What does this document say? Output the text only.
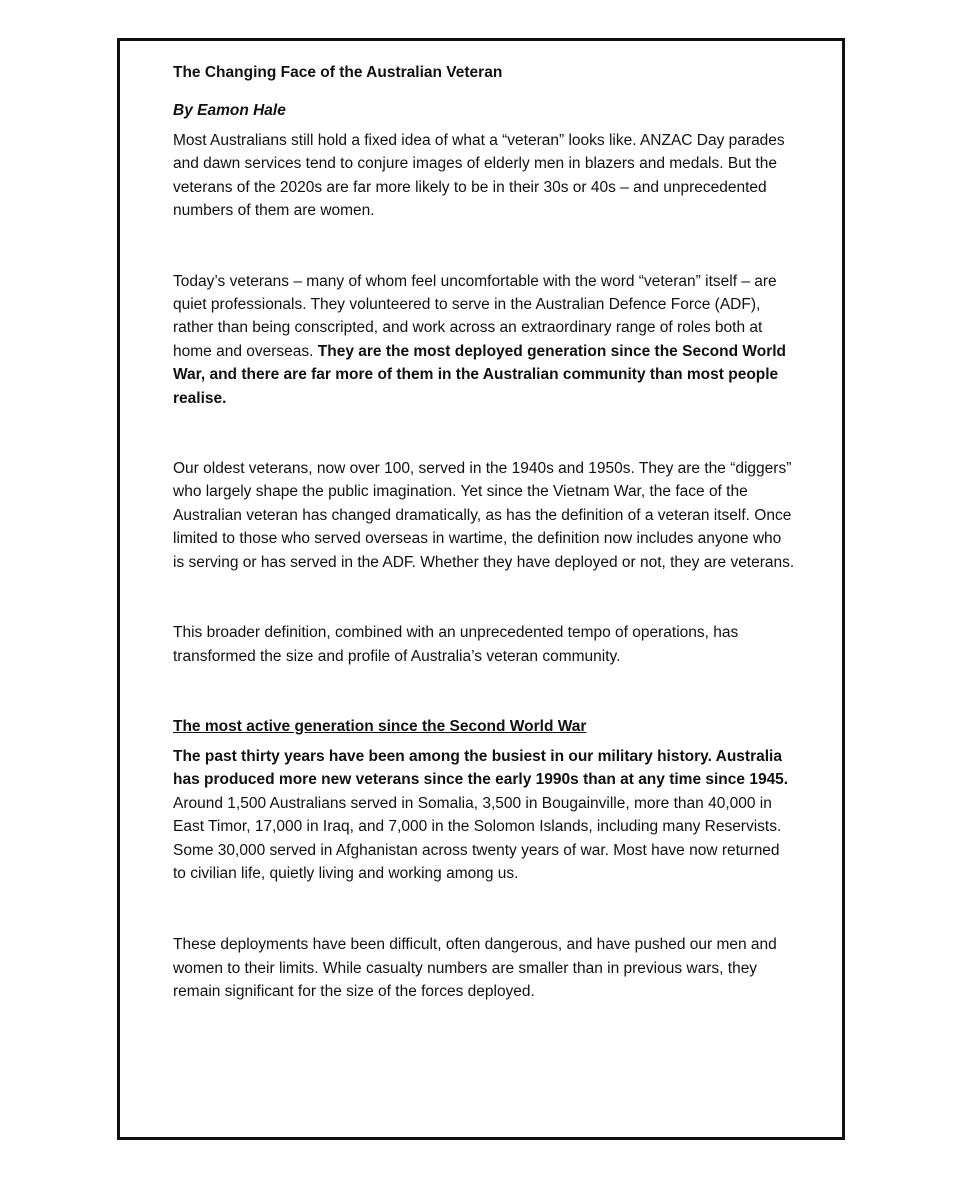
The Changing Face of the Australian Veteran
By Eamon Hale

Most Australians still hold a fixed idea of what a “veteran” looks like. ANZAC Day parades and dawn services tend to conjure images of elderly men in blazers and medals. But the veterans of the 2020s are far more likely to be in their 30s or 40s – and unprecedented numbers of them are women.

Today’s veterans – many of whom feel uncomfortable with the word “veteran” itself – are quiet professionals. They volunteered to serve in the Australian Defence Force (ADF), rather than being conscripted, and work across an extraordinary range of roles both at home and overseas. They are the most deployed generation since the Second World War, and there are far more of them in the Australian community than most people realise.

Our oldest veterans, now over 100, served in the 1940s and 1950s. They are the “diggers” who largely shape the public imagination. Yet since the Vietnam War, the face of the Australian veteran has changed dramatically, as has the definition of a veteran itself. Once limited to those who served overseas in wartime, the definition now includes anyone who is serving or has served in the ADF. Whether they have deployed or not, they are veterans.

This broader definition, combined with an unprecedented tempo of operations, has transformed the size and profile of Australia’s veteran community.

The most active generation since the Second World War

The past thirty years have been among the busiest in our military history. Australia has produced more new veterans since the early 1990s than at any time since 1945. Around 1,500 Australians served in Somalia, 3,500 in Bougainville, more than 40,000 in East Timor, 17,000 in Iraq, and 7,000 in the Solomon Islands, including many Reservists. Some 30,000 served in Afghanistan across twenty years of war. Most have now returned to civilian life, quietly living and working among us.

These deployments have been difficult, often dangerous, and have pushed our men and women to their limits. While casualty numbers are smaller than in previous wars, they remain significant for the size of the forces deployed.
